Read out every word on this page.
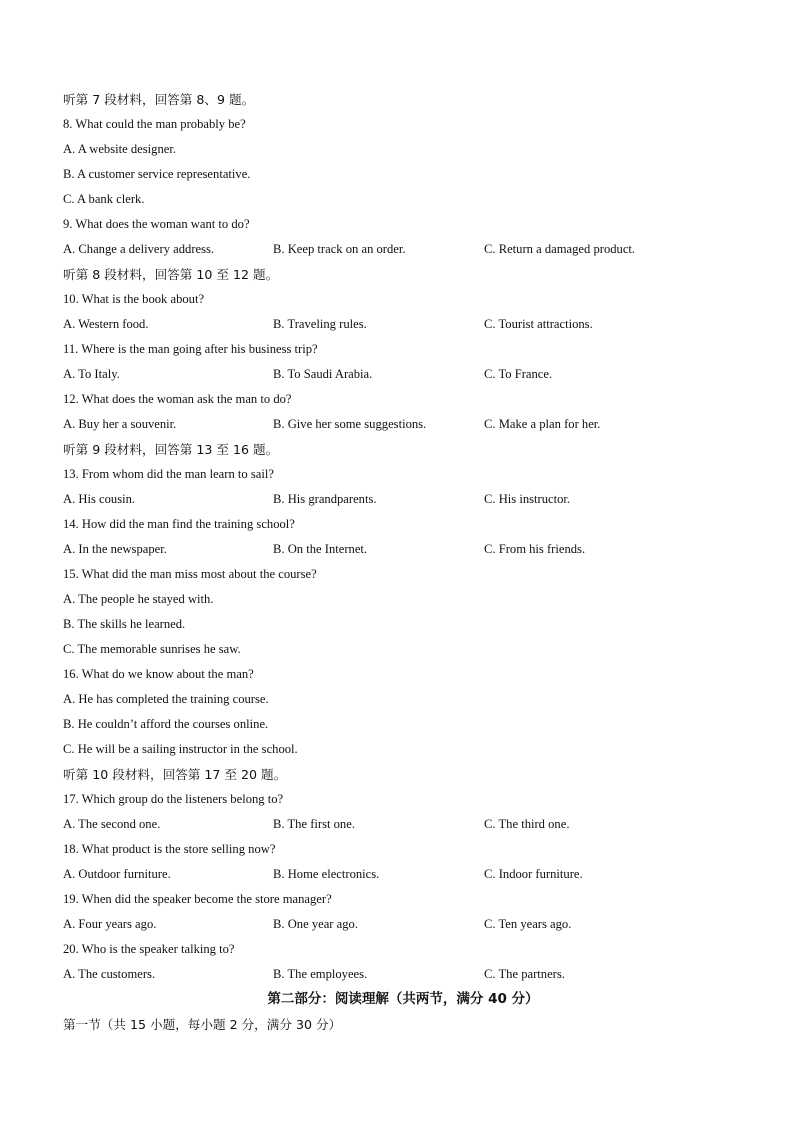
听第 7 段材料，回答第 8、9 题。
8. What could the man probably be?
A. A website designer.
B. A customer service representative.
C. A bank clerk.
9. What does the woman want to do?
A. Change a delivery address.	B. Keep track on an order.	C. Return a damaged product.
听第 8 段材料，回答第 10 至 12 题。
10. What is the book about?
A. Western food.	B. Traveling rules.	C. Tourist attractions.
11. Where is the man going after his business trip?
A. To Italy.	B. To Saudi Arabia.	C. To France.
12. What does the woman ask the man to do?
A. Buy her a souvenir.	B. Give her some suggestions.	C. Make a plan for her.
听第 9 段材料，回答第 13 至 16 题。
13. From whom did the man learn to sail?
A. His cousin.	B. His grandparents.	C. His instructor.
14. How did the man find the training school?
A. In the newspaper.	B. On the Internet.	C. From his friends.
15. What did the man miss most about the course?
A. The people he stayed with.
B. The skills he learned.
C. The memorable sunrises he saw.
16. What do we know about the man?
A. He has completed the training course.
B. He couldn’t afford the courses online.
C. He will be a sailing instructor in the school.
听第 10 段材料，回答第 17 至 20 题。
17. Which group do the listeners belong to?
A. The second one.	B. The first one.	C. The third one.
18. What product is the store selling now?
A. Outdoor furniture.	B. Home electronics.	C. Indoor furniture.
19. When did the speaker become the store manager?
A. Four years ago.	B. One year ago.	C. Ten years ago.
20. Who is the speaker talking to?
A. The customers.	B. The employees.	C. The partners.
第二部分：阅读理解（共两节，满分 40 分）
第一节（共 15 小题，每小题 2 分，满分 30 分）
